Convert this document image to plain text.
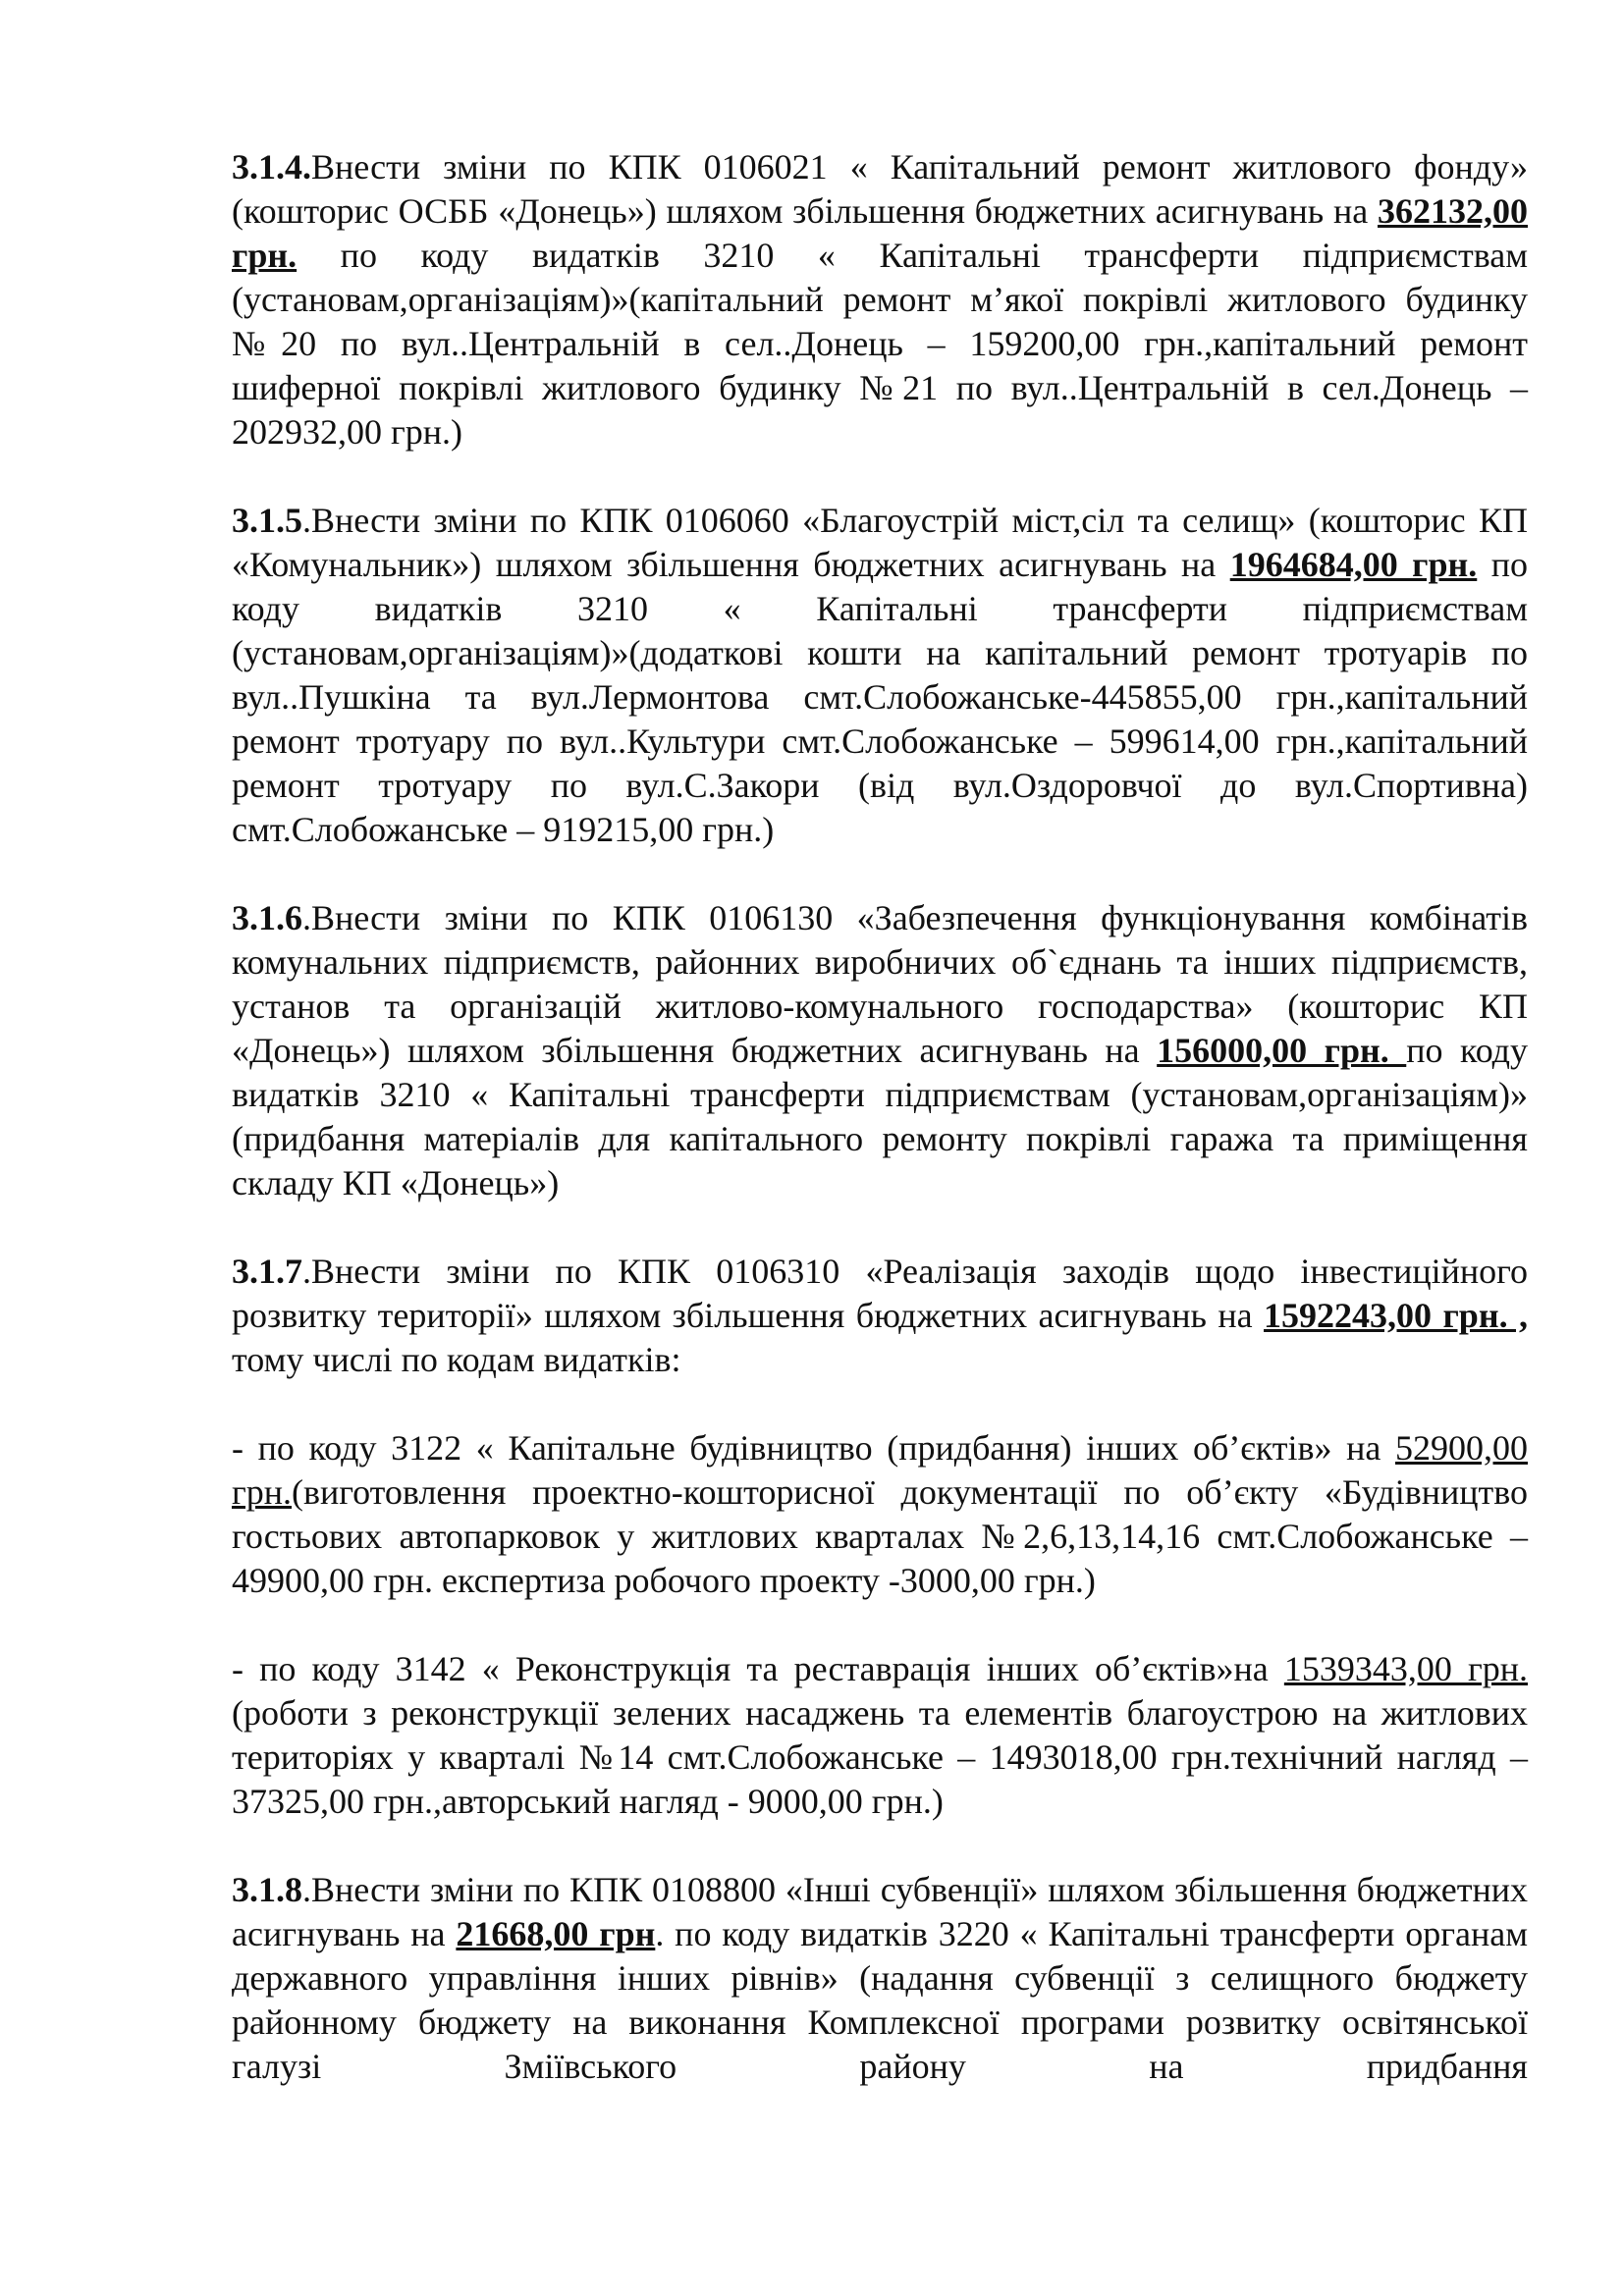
3.1.4.Внести зміни по КПК 0106021 « Капітальний ремонт житлового фонду» (кошторис ОСББ «Донець») шляхом збільшення бюджетних асигнувань на 362132,00 грн. по коду видатків 3210 « Капітальні трансферти підприємствам (установам,організаціям)»(капітальний ремонт м’якої покрівлі житлового будинку №20 по вул..Центральній в сел..Донець – 159200,00 грн.,капітальний ремонт шиферної покрівлі житлового будинку №21 по вул..Центральній в сел.Донець – 202932,00 грн.)

3.1.5.Внести зміни по КПК 0106060 «Благоустрій міст,сіл та селищ» (кошторис КП «Комунальник») шляхом збільшення бюджетних асигнувань на 1964684,00 грн. по коду видатків 3210 « Капітальні трансферти підприємствам (установам,організаціям)»(додаткові кошти на капітальний ремонт тротуарів по вул..Пушкіна та вул.Лермонтова смт.Слобожанське-445855,00 грн.,капітальний ремонт тротуару по вул..Культури смт.Слобожанське – 599614,00 грн.,капітальний ремонт тротуару по вул.С.Закори (від вул.Оздоровчої до вул.Спортивна) смт.Слобожанське – 919215,00 грн.)

3.1.6.Внести зміни по КПК 0106130 «Забезпечення функціонування комбінатів комунальних підприємств, районних виробничих об`єднань та інших підприємств, установ та організацій житлово-комунального господарства» (кошторис КП «Донець») шляхом збільшення бюджетних асигнувань на 156000,00 грн. по коду видатків 3210 « Капітальні трансферти підприємствам (установам,організаціям)» (придбання матеріалів для капітального ремонту покрівлі гаража та приміщення складу КП «Донець»)

3.1.7.Внести зміни по КПК 0106310 «Реалізація заходів щодо інвестиційного розвитку території» шляхом збільшення бюджетних асигнувань на 1592243,00 грн. , тому числі по кодам видатків:

- по коду 3122 « Капітальне будівництво (придбання) інших об’єктів» на 52900,00 грн.(виготовлення проектно-кошторисної документації по об’єкту «Будівництво гостьових автопарковок у житлових кварталах №2,6,13,14,16 смт.Слобожанське – 49900,00 грн. експертиза робочого проекту -3000,00 грн.)

- по коду 3142 « Реконструкція та реставрація інших об’єктів»на 1539343,00 грн. (роботи з реконструкції зелених насаджень та елементів благоустрою на житлових територіях у кварталі №14 смт.Слобожанське – 1493018,00 грн.технічний нагляд – 37325,00 грн.,авторський нагляд - 9000,00 грн.)

3.1.8.Внести зміни по КПК 0108800 «Інші субвенції» шляхом збільшення бюджетних асигнувань на 21668,00 грн. по коду видатків 3220 « Капітальні трансферти органам державного управління інших рівнів» (надання субвенції з селищного бюджету районному бюджету на виконання Комплексної програми розвитку освітянської галузі Зміївського району на придбання
